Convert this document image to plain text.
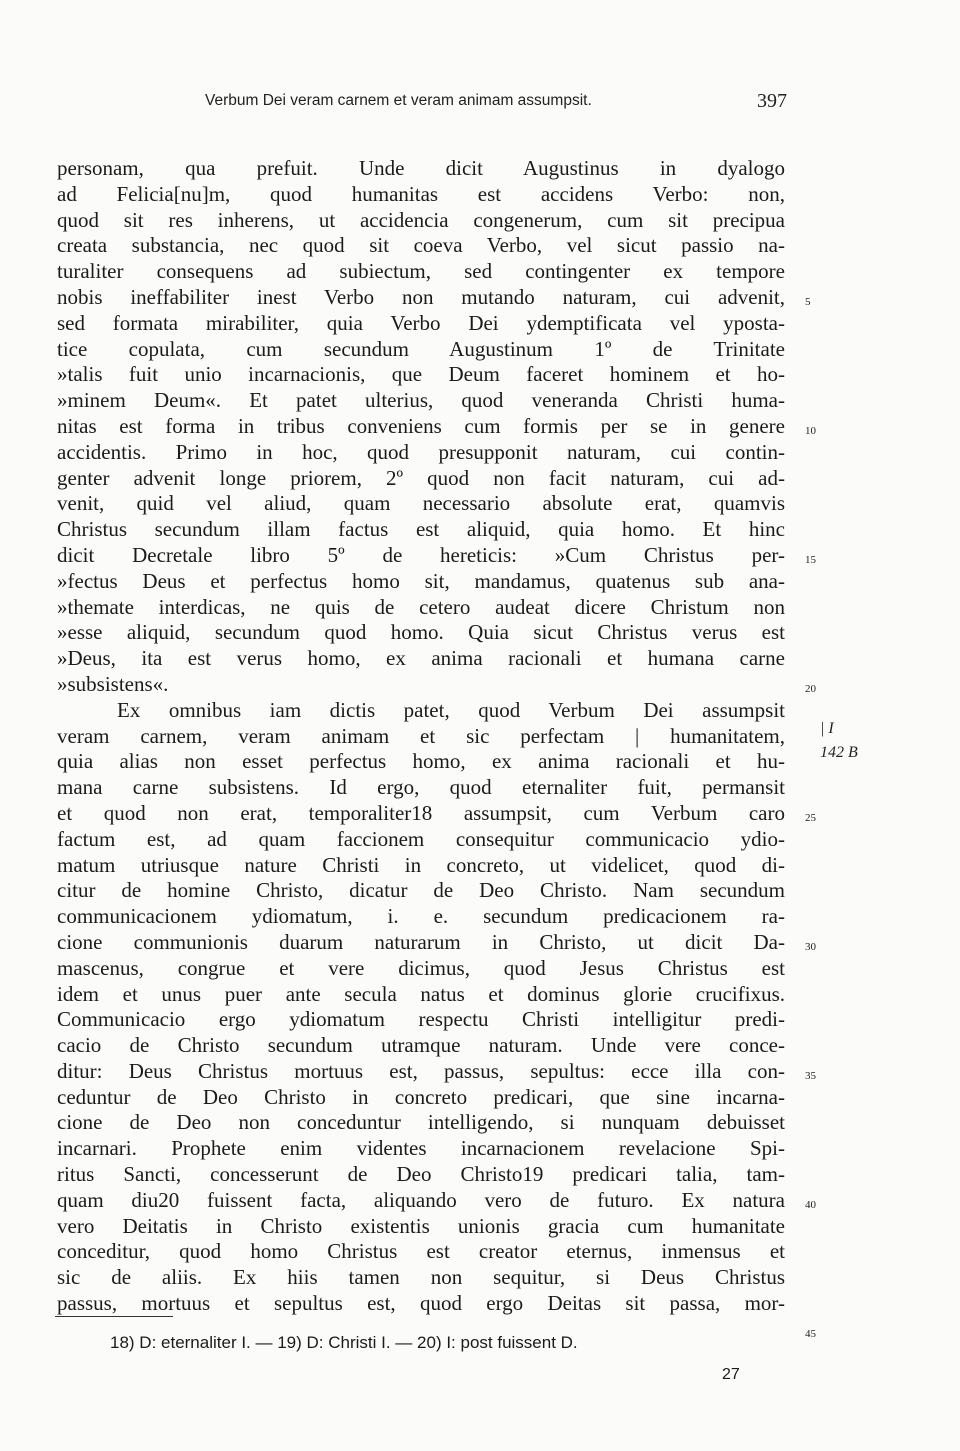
Verbum Dei veram carnem et veram animam assumpsit.	397
personam, qua prefuit. Unde dicit Augustinus in dyalogo
ad Felicia[nu]m, quod humanitas est accidens Verbo: non,
quod sit res inherens, ut accidencia congenerum, cum sit precipua
creata substancia, nec quod sit coeva Verbo, vel sicut passio na-
turaliter consequens ad subiectum, sed contingenter ex tempore
nobis ineffabiliter inest Verbo non mutando naturam, cui advenit,
sed formata mirabiliter, quia Verbo Dei ydemptificata vel ypostа-
tice copulata, cum secundum Augustinum 1º de Trinitate
»talis fuit unio incarnacionis, que Deum faceret hominem et ho-
»minem Deum«. Et patet ulterius, quod veneranda Christi huma-
nitas est forma in tribus conveniens cum formis per se in genere
accidentis. Primo in hoc, quod presupponit naturam, cui contin-
genter advenit longe priorem, 2º quod non facit naturam, cui ad-
venit, quid vel aliud, quam necessario absolute erat, quamvis
Christus secundum illam factus est aliquid, quia homo. Et hinc
dicit Decretale libro 5º de hereticis: »Cum Christus per-
»fectus Deus et perfectus homo sit, mandamus, quatenus sub ana-
»themate interdicas, ne quis de cetero audeat dicere Christum non
»esse aliquid, secundum quod homo. Quia sicut Christus verus est
»Deus, ita est verus homo, ex anima racionali et humana carne
»subsistens«.
Ex omnibus iam dictis patet, quod Verbum Dei assumpsit
veram carnem, veram animam et sic perfectam | humanitatem,
quia alias non esset perfectus homo, ex anima racionali et hu-
mana carne subsistens. Id ergo, quod eternaliter fuit, permansit
et quod non erat, temporaliter18 assumpsit, cum Verbum caro
factum est, ad quam faccionem consequitur communicacio ydio-
matum utriusque nature Christi in concreto, ut videlicet, quod di-
citur de homine Christo, dicatur de Deo Christo. Nam secundum
communicacionem ydiomatum, i. e. secundum predicacionem ra-
cione communionis duarum naturarum in Christo, ut dicit Da-
mascenus, congrue et vere dicimus, quod Jesus Christus est
idem et unus puer ante secula natus et dominus glorie crucifixus.
Communicacio ergo ydiomatum respectu Christi intelligitur predi-
cacio de Christo secundum utramque naturam. Unde vere conce-
ditur: Deus Christus mortuus est, passus, sepultus: ecce illa con-
ceduntur de Deo Christo in concreto predicari, que sine incarna-
cione de Deo non conceduntur intelligendo, si nunquam debuisset
incarnari. Prophete enim videntes incarnacionem revelacione Spi-
ritus Sancti, concesserunt de Deo Christo19 predicari talia, tam-
quam diu20 fuissent facta, aliquando vero de futuro. Ex natura
vero Deitatis in Christo existentis unionis gracia cum humanitate
conceditur, quod homo Christus est creator eternus, inmensus et
sic de aliis. Ex hiis tamen non sequitur, si Deus Christus
passus, mortuus et sepultus est, quod ergo Deitas sit passa, mor-
5
10
15
20
25
30
35
40
45
| I
142 B
18) D: eternaliter I. — 19) D: Christi I. — 20) I: post fuissent D.
27
